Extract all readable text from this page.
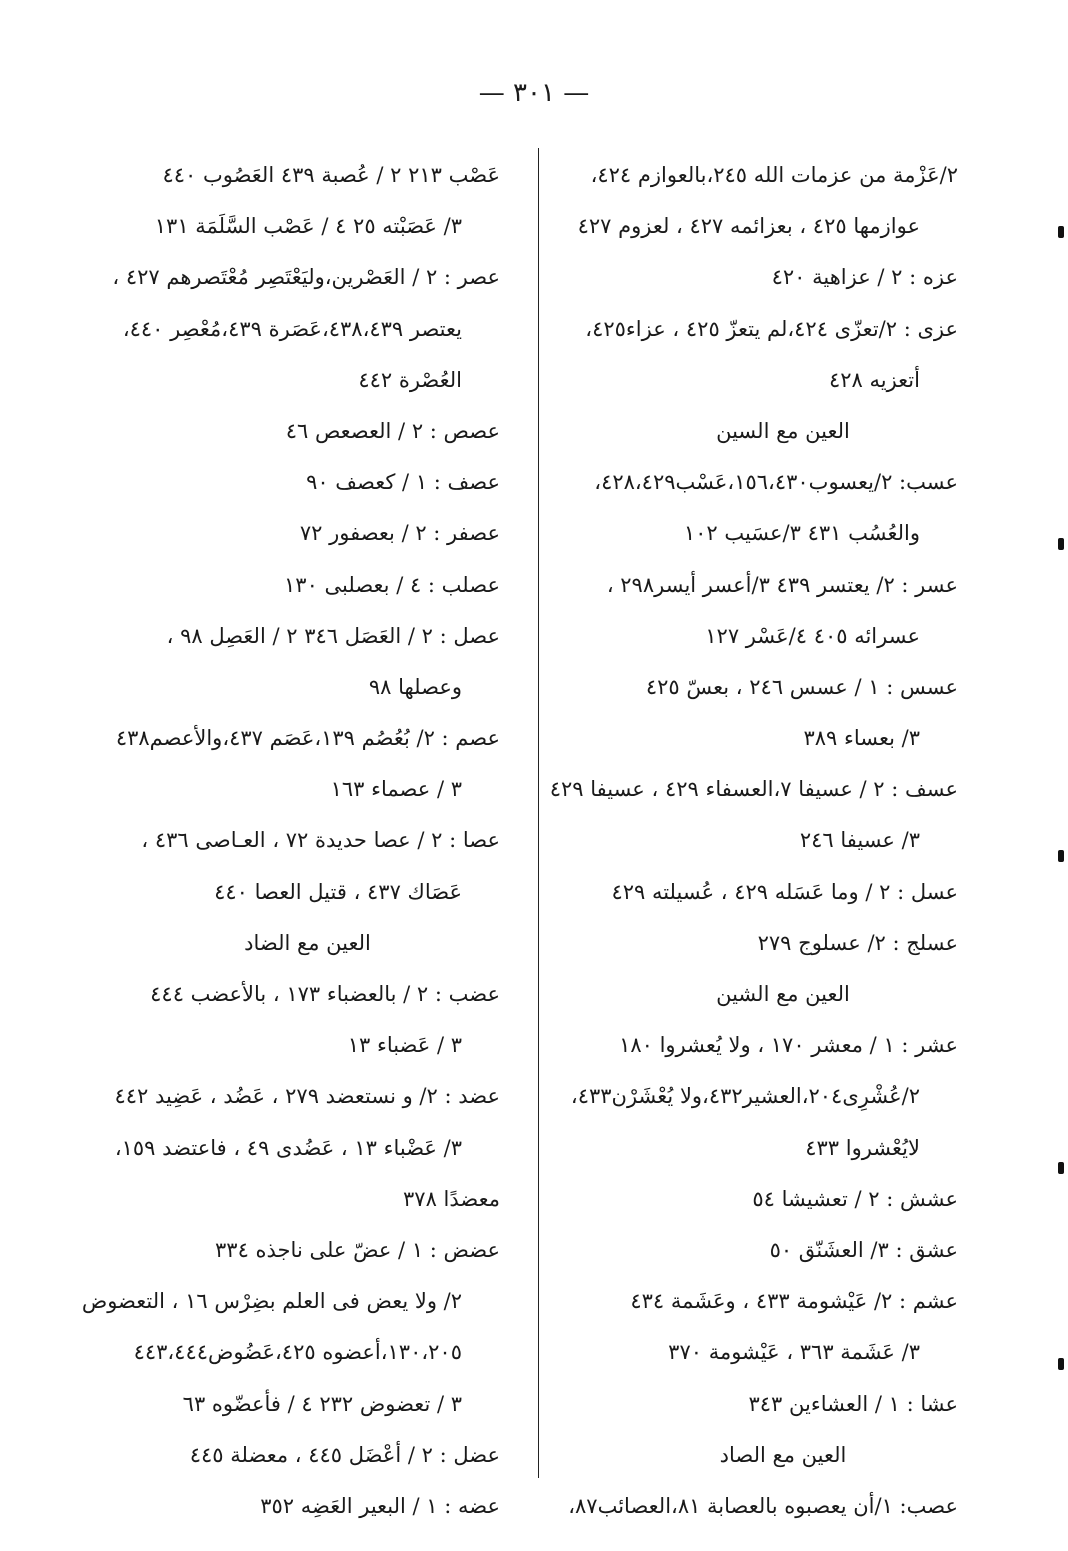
— ٣٠١ —
٢/عَزْمة من عزمات الله ٢٤٥،بالعوازم ٤٢٤،
عوازمها ٤٢٥ ، بعزائمه ٤٢٧ ، لعزوم ٤٢٧
عزه : ٢ / عزاهية ٤٢٠
عزى : ٢/تعزّى ٤٢٤،لم يتعزّ ٤٢٥ ، عزاء٤٢٥،
أتعزيه ٤٢٨
العين مع السين
عسب: ٢/يعسوب١٥٦،٤٣٠،عَسْب٤٢٨،٤٢٩،
والعُسُب ٤٣١ ٣/عسَيب ١٠٢
عسر : ٢/ يعتسر ٤٣٩ ٣/أعسر أيسر٢٩٨ ،
عسرائه ٤٠٥ ٤/عَسْر ١٢٧
عسس : ١ / عسس ٢٤٦ ، بعسّ ٤٢٥
٣/ بعساء ٣٨٩
عسف : ٢ / عسيفا ٧،العسفاء ٤٢٩ ، عسيفا ٤٢٩
٣/ عسيفا ٢٤٦
عسل : ٢ / وما عَسَله ٤٢٩ ، عُسيلته ٤٢٩
عسلج : ٢/ عسلوج ٢٧٩
العين مع الشين
عشر : ١ / معشر ١٧٠ ، ولا يُعشروا ١٨٠
٢/عُشْرِى٢٠٤،العشير٤٣٢،ولا يُعْشَرْن٤٣٣،
لايُعْشروا ٤٣٣
عشش : ٢ / تعشيشا ٥٤
عشق : ٣/ العشَنّق ٥٠
عشم : ٢/ عَيْشومة ٤٣٣ ، وعَشَمة ٤٣٤
٣/ عَشَمة ٣٦٣ ، عَيْشومة ٣٧٠
عشا : ١ / العشاءين ٣٤٣
العين مع الصاد
عصب: ١/أن يعصبوه بالعصابة ٨١،العصائب٨٧،
عَصْب ٢١٣ ٢ / عُصبة ٤٣٩ العَصُوب ٤٤٠
٣/ عَصَبْته ٢٥ ٤ / عَصْب السَّلَمَة ١٣١
عصر : ٢ / العَصْرين،وليَعْتَصِر مُعْتَصرهم ٤٢٧ ،
يعتصر ٤٣٨،٤٣٩،عَصَرة ٤٣٩،مُعْصِر ٤٤٠،
العُصْرة ٤٤٢
عصص : ٢ / العصعص ٤٦
عصف : ١ / كعصف ٩٠
عصفر : ٢ / بعصفور ٧٢
عصلب : ٤ / بعصلبى ١٣٠
عصل : ٢ / العَصَل ٣٤٦ ٢ / العَصِل ٩٨ ،
وعصلها ٩٨
عصم : ٢/ بُعُصُم ١٣٩،عَصَم ٤٣٧،والأعصم٤٣٨
٣ / عصماء ١٦٣
عصا : ٢ / عصا حديدة ٧٢ ، العـاصى ٤٣٦ ،
عَصَاك ٤٣٧ ، قتيل العصا ٤٤٠
العين مع الضاد
عضب : ٢ / بالعضباء ١٧٣ ، بالأعضب ٤٤٤
٣ / عَضباء ١٣
عضد : ٢/ و نستعضد ٢٧٩ ، عَضُد ، عَضِيد ٤٤٢
٣/ عَضْباء ١٣ ، عَضُدى ٤٩ ، فاعتضد ١٥٩،
معضدًا ٣٧٨
عضض : ١ / عضّ على ناجذه ٣٣٤
٢/ ولا يعض فى العلم بضِرْس ١٦ ، التعضوض
١٣٠،٢٠٥،أعضوه ٤٢٥،عَضُوض٤٤٣،٤٤٤
٣ / تعضوض ٢٣٢ ٤ / فأعضّوه ٦٣
عضل : ٢ / أعْضَل ٤٤٥ ، معضلة ٤٤٥
عضه : ١ / البعير العَضِه ٣٥٢
